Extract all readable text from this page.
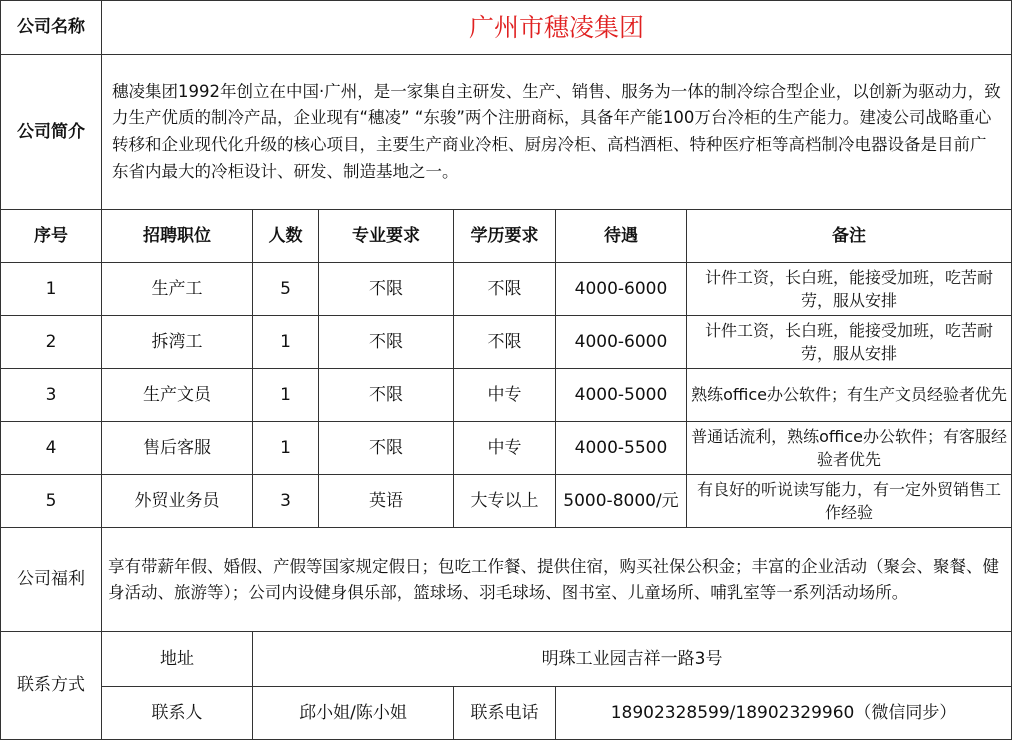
公司名称	广州市穗凌集团					
公司简介	穗凌集团1992年创立在中国·广州，是一家集自主研发、生产、销售、服务为一体的制冷综合型企业，以创新为驱动力，致力生产优质的制冷产品，企业现有“穗凌” “东骏”两个注册商标，具备年产能100万台冷柜的生产能力。建凌公司战略重心转移和企业现代化升级的核心项目，主要生产商业冷柜、厨房冷柜、高档酒柜、特种医疗柜等高档制冷电器设备是目前广东省内最大的冷柜设计、研发、制造基地之一。					
序号	招聘职位	人数	专业要求	学历要求	待遇	备注
1	生产工	5	不限	不限	4000-6000	计件工资，长白班，能接受加班，吃苦耐劳，服从安排
2	拆湾工	1	不限	不限	4000-6000	计件工资，长白班，能接受加班，吃苦耐劳，服从安排
3	生产文员	1	不限	中专	4000-5000	熟练office办公软件；有生产文员经验者优先
4	售后客服	1	不限	中专	4000-5500	普通话流利，熟练office办公软件；有客服经验者优先
5	外贸业务员	3	英语	大专以上	5000-8000/元	有良好的听说读写能力，有一定外贸销售工作经验
公司福利	享有带薪年假、婚假、产假等国家规定假日；包吃工作餐、提供住宿，购买社保公积金；丰富的企业活动（聚会、聚餐、健身活动、旅游等）；公司内设健身俱乐部，篮球场、羽毛球场、图书室、儿童场所、哺乳室等一系列活动场所。					
联系方式	地址	明珠工业园吉祥一路3号				
	联系人	邱小姐/陈小姐		联系电话	18902328599/18902329960（微信同步）	
